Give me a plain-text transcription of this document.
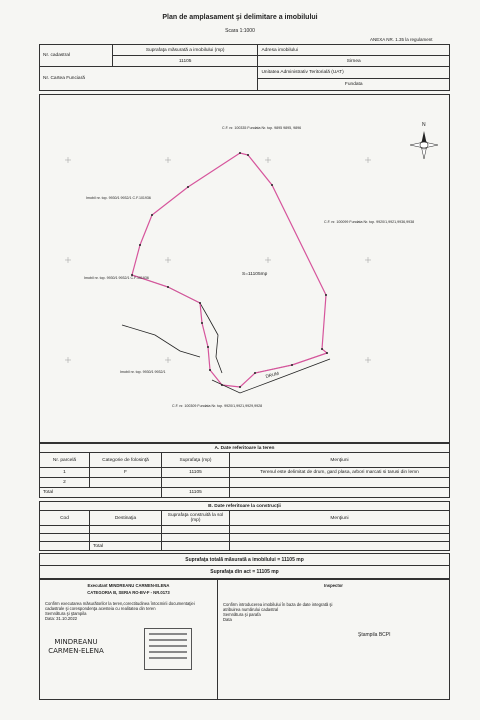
Plan de amplasament şi delimitare a imobilului
Scara 1:1000
ANEXA NR. 1.35 la regulament
Nr. cadastral	Suprafaţa măsurată a imobilului (mp)	Adresa imobilului
	11105	Sirnea
Nr. Cartea Funciară		Unitatea Administrativ Teritorială (UAT)
		Fundata
DRUM
S=11105mp
N
C.F. nr. 100335 Fundata Nr. top. 9895 9895, 9896
C.F. nr. 100099 Fundata Nr. top. 9920/1,9921,9936,9938
Imobil nr. top. 9930/1 9932/1 C.F.101936
Imobil nr. top. 9930/1 9932/1 C.F.101936
Imobil nr. top. 9930/1 9932/1
C.F. nr. 100309 Fundata Nr. top. 9920/1,9921,9929,9928
A. Date referitoare la teren			
Nr. parcelă	Categorie de folosinţă	Suprafaţa (mp)	Menţiuni
1	F	11105	Terenul este delimitat de drum, gard plasa, arbori marcati si tarusi din lemn
2			
Total		11105	
B. Date referitoare la construcţii			
Cod	Destinaţia	Suprafaţa construită la sol (mp)	Menţiuni

	Total		
Suprafaţa totală măsurată a imobilului = 11105 mp
Suprafaţa din act = 11105 mp
Executant MINDREANU CARMEN-ELENA
CATEGORIA B, SERIA RO-BV-F - NR.0173
Confirm executarea măsurătorilor la teren,corectitudinea întocmirii documentaţiei cadastrale şi corespondenţa acesteia cu realitatea din teren
Semnătura şi ştampila
Data: 31.10.2022
MINDREANU CARMEN-ELENA
Inspector
Confirm introducerea imobilului în baza de date integrată şi atribuirea numărului cadastral
Semnătura şi parafa
Data
Ştampila BCPI
